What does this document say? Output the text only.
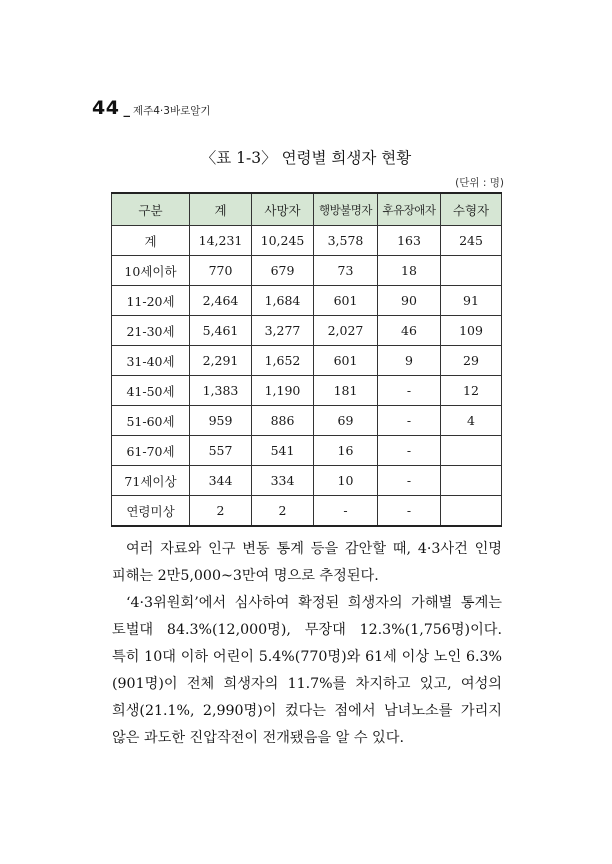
44 _ 제주4·3바로알기
〈표 1-3〉 연령별 희생자 현황
(단위 : 명)
구분	계	사망자	행방불명자	후유장애자	수형자
계	14,231	10,245	3,578	163	245
10세이하	770	679	73	18	
11-20세	2,464	1,684	601	90	91
21-30세	5,461	3,277	2,027	46	109
31-40세	2,291	1,652	601	9	29
41-50세	1,383	1,190	181	-	12
51-60세	959	886	69	-	4
61-70세	557	541	16	-	
71세이상	344	334	10	-	
연령미상	2	2	-	-	

여러 자료와 인구 변동 통계 등을 감안할 때, 4·3사건 인명 피해는 2만5,000~3만여 명으로 추정된다.

‘4·3위원회’에서 심사하여 확정된 희생자의 가해별 통계는 토벌대 84.3%(12,000명), 무장대 12.3%(1,756명)이다. 특히 10대 이하 어린이 5.4%(770명)와 61세 이상 노인 6.3%(901명)이 전체 희생자의 11.7%를 차지하고 있고, 여성의 희생(21.1%, 2,990명)이 컸다는 점에서 남녀노소를 가리지 않은 과도한 진압작전이 전개됐음을 알 수 있다.
